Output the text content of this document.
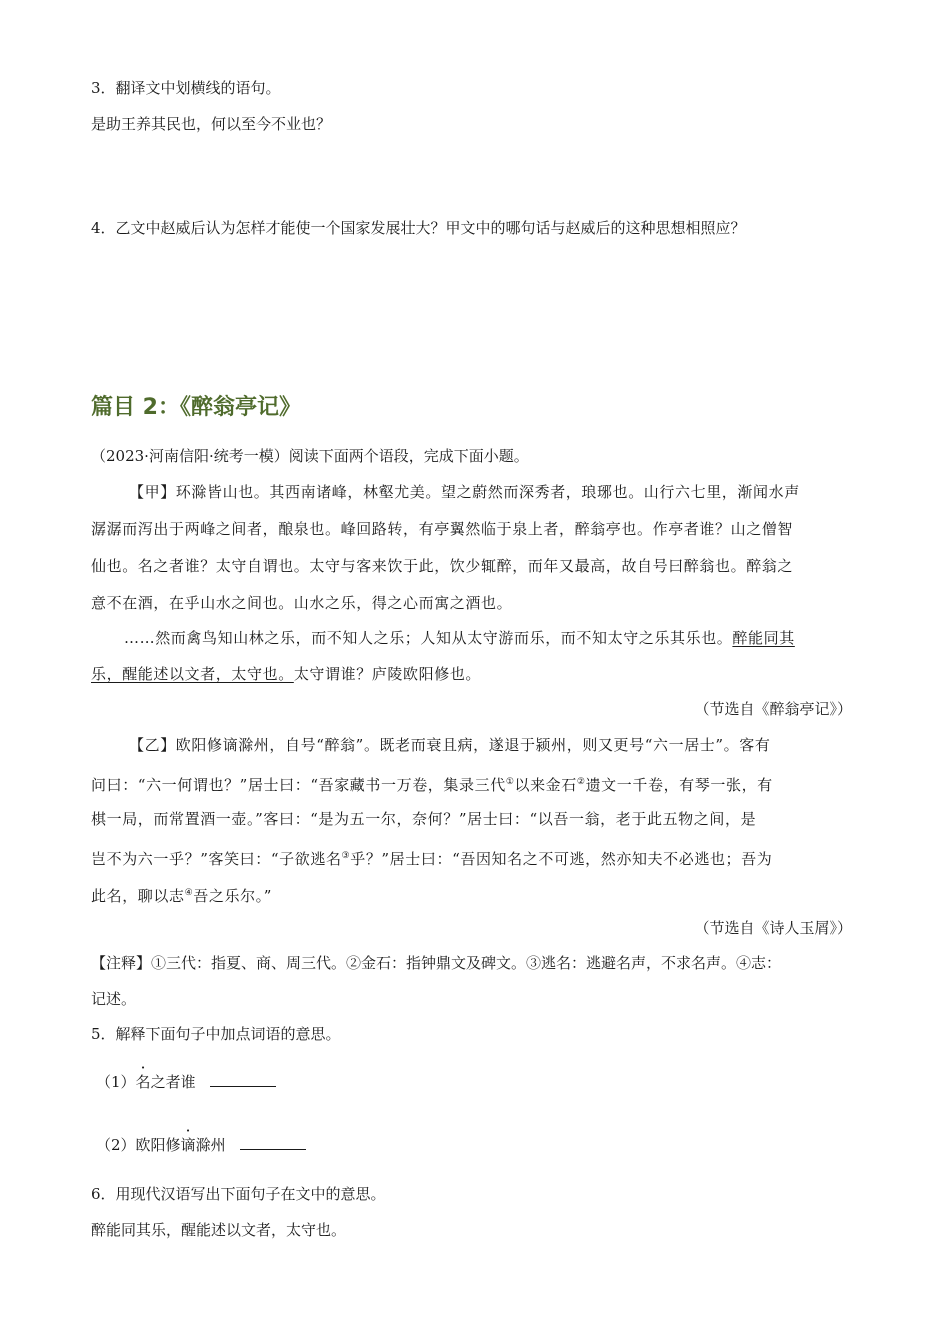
3．翻译文中划横线的语句。
是助王养其民也，何以至今不业也？
4．乙文中赵威后认为怎样才能使一个国家发展壮大？甲文中的哪句话与赵威后的这种思想相照应？
篇目 2：《醉翁亭记》
（2023·河南信阳·统考一模）阅读下面两个语段，完成下面小题。
【甲】环滁皆山也。其西南诸峰，林壑尤美。望之蔚然而深秀者，琅琊也。山行六七里，渐闻水声
潺潺而泻出于两峰之间者，酿泉也。峰回路转，有亭翼然临于泉上者，醉翁亭也。作亭者谁？山之僧智
仙也。名之者谁？太守自谓也。太守与客来饮于此，饮少辄醉，而年又最高，故自号曰醉翁也。醉翁之
意不在酒，在乎山水之间也。山水之乐，得之心而寓之酒也。
……然而禽鸟知山林之乐，而不知人之乐；人知从太守游而乐，而不知太守之乐其乐也。醉能同其
乐，醒能述以文者，太守也。太守谓谁？庐陵欧阳修也。
（节选自《醉翁亭记》）
【乙】欧阳修谪滁州，自号“醉翁”。既老而衰且病，遂退于颍州，则又更号“六一居士”。客有
问曰：“六一何谓也？”居士曰：“吾家藏书一万卷，集录三代①以来金石②遗文一千卷，有琴一张，有
棋一局，而常置酒一壶。”客曰：“是为五一尔，奈何？”居士曰：“以吾一翁，老于此五物之间，是
岂不为六一乎？”客笑曰：“子欲逃名③乎？”居士曰：“吾因知名之不可逃，然亦知夫不必逃也；吾为
此名，聊以志④吾之乐尔。”
（节选自《诗人玉屑》）
【注释】①三代：指夏、商、周三代。②金石：指钟鼎文及碑文。③逃名：逃避名声，不求名声。④志：
记述。
5．解释下面句子中加点词语的意思。
（1）名之者谁
（2）欧阳修谪滁州
6．用现代汉语写出下面句子在文中的意思。
醉能同其乐，醒能述以文者，太守也。
